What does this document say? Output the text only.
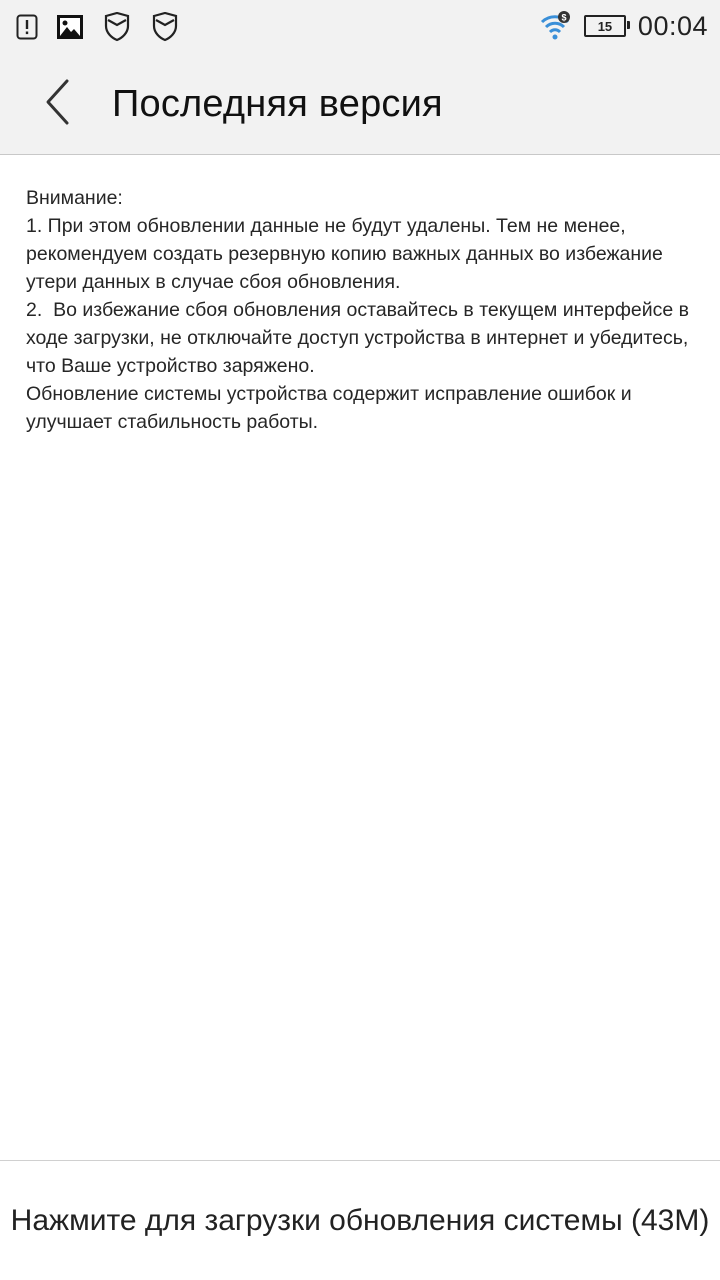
$
15 00:04
Последняя версия

Внимание:

1. При этом обновлении данные не будут удалены. Тем не менее, рекомендуем создать резервную копию важных данных во избежание утери данных в случае сбоя обновления.

2.  Во избежание сбоя обновления оставайтесь в текущем интерфейсе в ходе загрузки, не отключайте доступ устройства в интернет и убедитесь, что Ваше устройство заряжено.

Обновление системы устройства содержит исправление ошибок и улучшает стабильность работы.

Нажмите для загрузки обновления системы (43M)
